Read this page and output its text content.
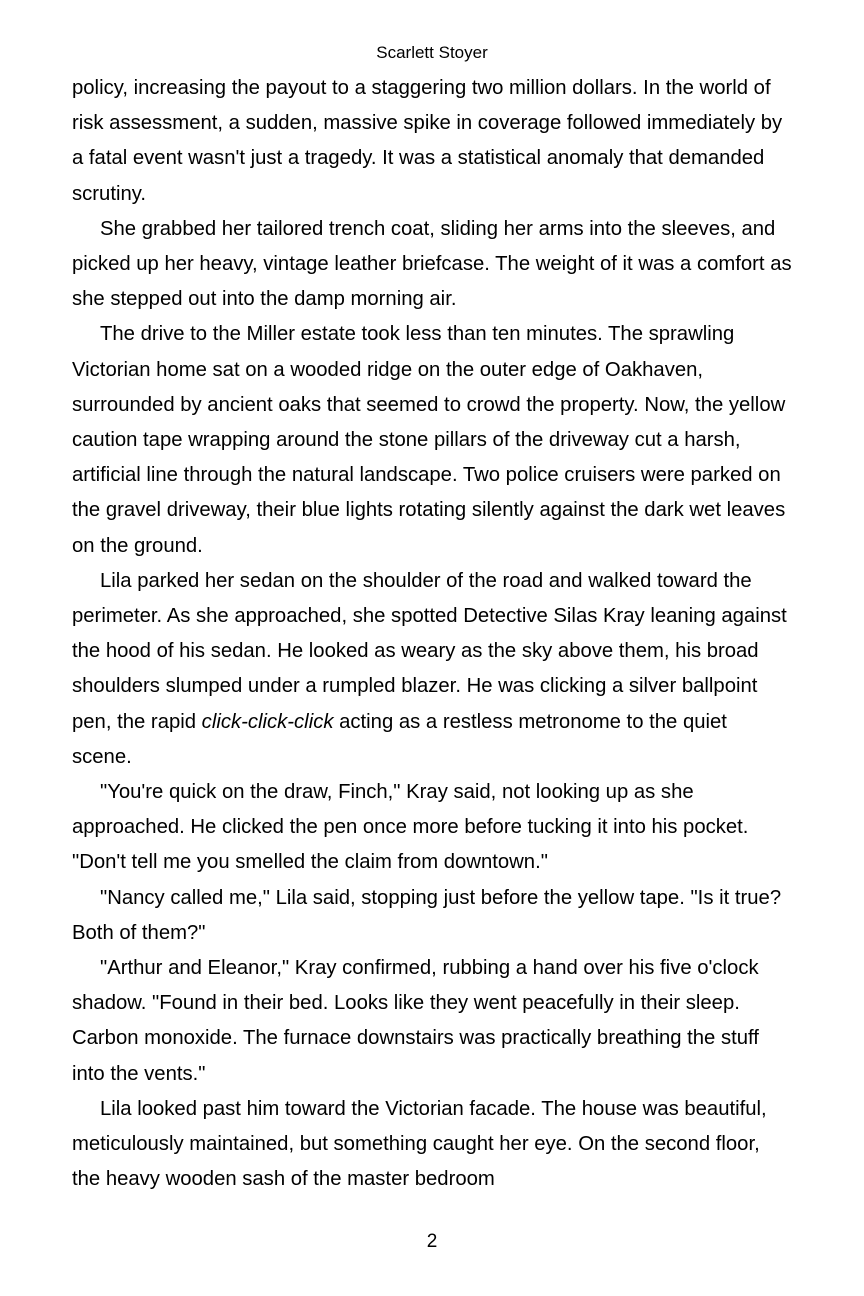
Scarlett Stoyer

policy, increasing the payout to a staggering two million dollars. In the world of risk assessment, a sudden, massive spike in coverage followed immediately by a fatal event wasn't just a tragedy. It was a statistical anomaly that demanded scrutiny.

She grabbed her tailored trench coat, sliding her arms into the sleeves, and picked up her heavy, vintage leather briefcase. The weight of it was a comfort as she stepped out into the damp morning air.

The drive to the Miller estate took less than ten minutes. The sprawling Victorian home sat on a wooded ridge on the outer edge of Oakhaven, surrounded by ancient oaks that seemed to crowd the property. Now, the yellow caution tape wrapping around the stone pillars of the driveway cut a harsh, artificial line through the natural landscape. Two police cruisers were parked on the gravel driveway, their blue lights rotating silently against the dark wet leaves on the ground.

Lila parked her sedan on the shoulder of the road and walked toward the perimeter. As she approached, she spotted Detective Silas Kray leaning against the hood of his sedan. He looked as weary as the sky above them, his broad shoulders slumped under a rumpled blazer. He was clicking a silver ballpoint pen, the rapid click-click-click acting as a restless metronome to the quiet scene.

"You're quick on the draw, Finch," Kray said, not looking up as she approached. He clicked the pen once more before tucking it into his pocket. "Don't tell me you smelled the claim from downtown."

"Nancy called me," Lila said, stopping just before the yellow tape. "Is it true? Both of them?"

"Arthur and Eleanor," Kray confirmed, rubbing a hand over his five o'clock shadow. "Found in their bed. Looks like they went peacefully in their sleep. Carbon monoxide. The furnace downstairs was practically breathing the stuff into the vents."

Lila looked past him toward the Victorian facade. The house was beautiful, meticulously maintained, but something caught her eye. On the second floor, the heavy wooden sash of the master bedroom

2
